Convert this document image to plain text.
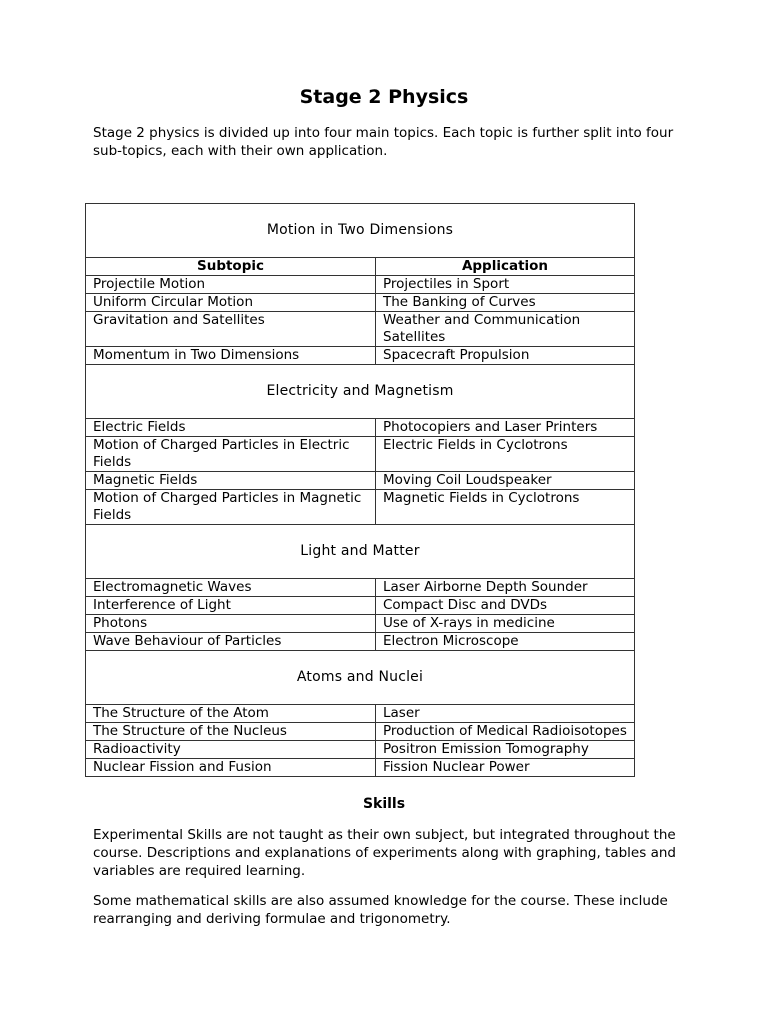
Stage 2 Physics

Stage 2 physics is divided up into four main topics. Each topic is further split into four sub-topics, each with their own application.

Motion in Two Dimensions	
Subtopic	Application
Projectile Motion	Projectiles in Sport
Uniform Circular Motion	The Banking of Curves
Gravitation and Satellites	Weather and Communication Satellites
Momentum in Two Dimensions	Spacecraft Propulsion
Electricity and Magnetism	
Electric Fields	Photocopiers and Laser Printers
Motion of Charged Particles in Electric Fields	Electric Fields in Cyclotrons
Magnetic Fields	Moving Coil Loudspeaker
Motion of Charged Particles in Magnetic Fields	Magnetic Fields in Cyclotrons
Light and Matter	
Electromagnetic Waves	Laser Airborne Depth Sounder
Interference of Light	Compact Disc and DVDs
Photons	Use of X-rays in medicine
Wave Behaviour of Particles	Electron Microscope
Atoms and Nuclei	
The Structure of the Atom	Laser
The Structure of the Nucleus	Production of Medical Radioisotopes
Radioactivity	Positron Emission Tomography
Nuclear Fission and Fusion	Fission Nuclear Power
Skills

Experimental Skills are not taught as their own subject, but integrated throughout the course. Descriptions and explanations of experiments along with graphing, tables and variables are required learning.

Some mathematical skills are also assumed knowledge for the course. These include rearranging and deriving formulae and trigonometry.
